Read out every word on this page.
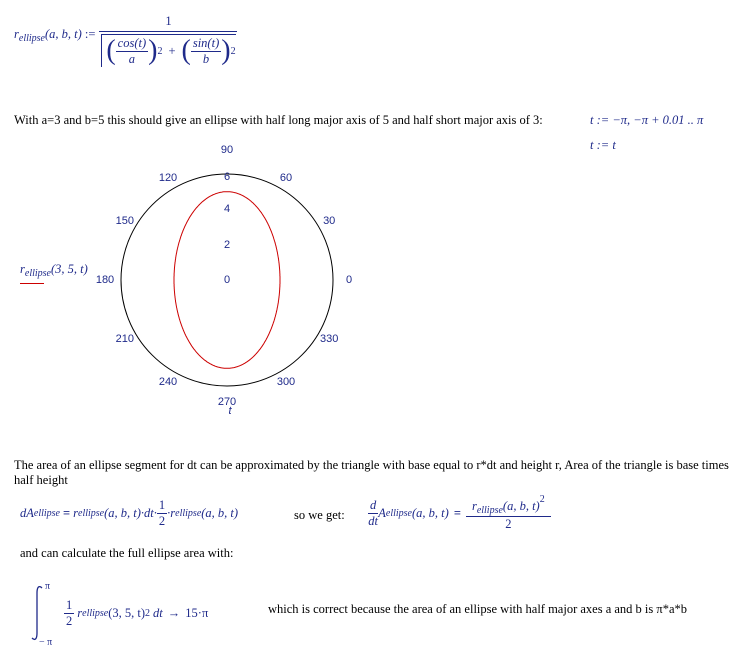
$r_{ellipse}(a$, b, t) := $\frac{1}{( \frac{\cos(t)}{a} ) 2 + ( \frac{\sin(t)}{b} ) 2}$
With a=3 and b=5 this should give an ellipse with half long major axis of 5 and half short major axis of 3:	t := −π, −π + 0.01 .. π
t := t
$r_{ellipse}(3$, 5, t)
0
30
60
90
120
150
180
210
240
270
300
330
0
2
4
6
t
The area of an ellipse segment for dt can be approximated by the triangle with base equal to r*dt and height r, Area of the triangle is base times half height
dA ellipse = r ellipse (a, b, $t) \cdot dt\cdot \frac{1}{2} \cdot r$ ellipse (a, b, t)	so we get: $\frac{d}{dt}$ A ellipse (a, b, $t) = \frac{r_{ellipse}(a, b, t)^2}{2}$
and can calculate the full ellipse area with:
π
− π
$\frac{1}{2}$ r ellipse (3, 5, t) 2 dt → 15·π	which is correct because the area of an ellipse with half major axes a and b is π*a*b
